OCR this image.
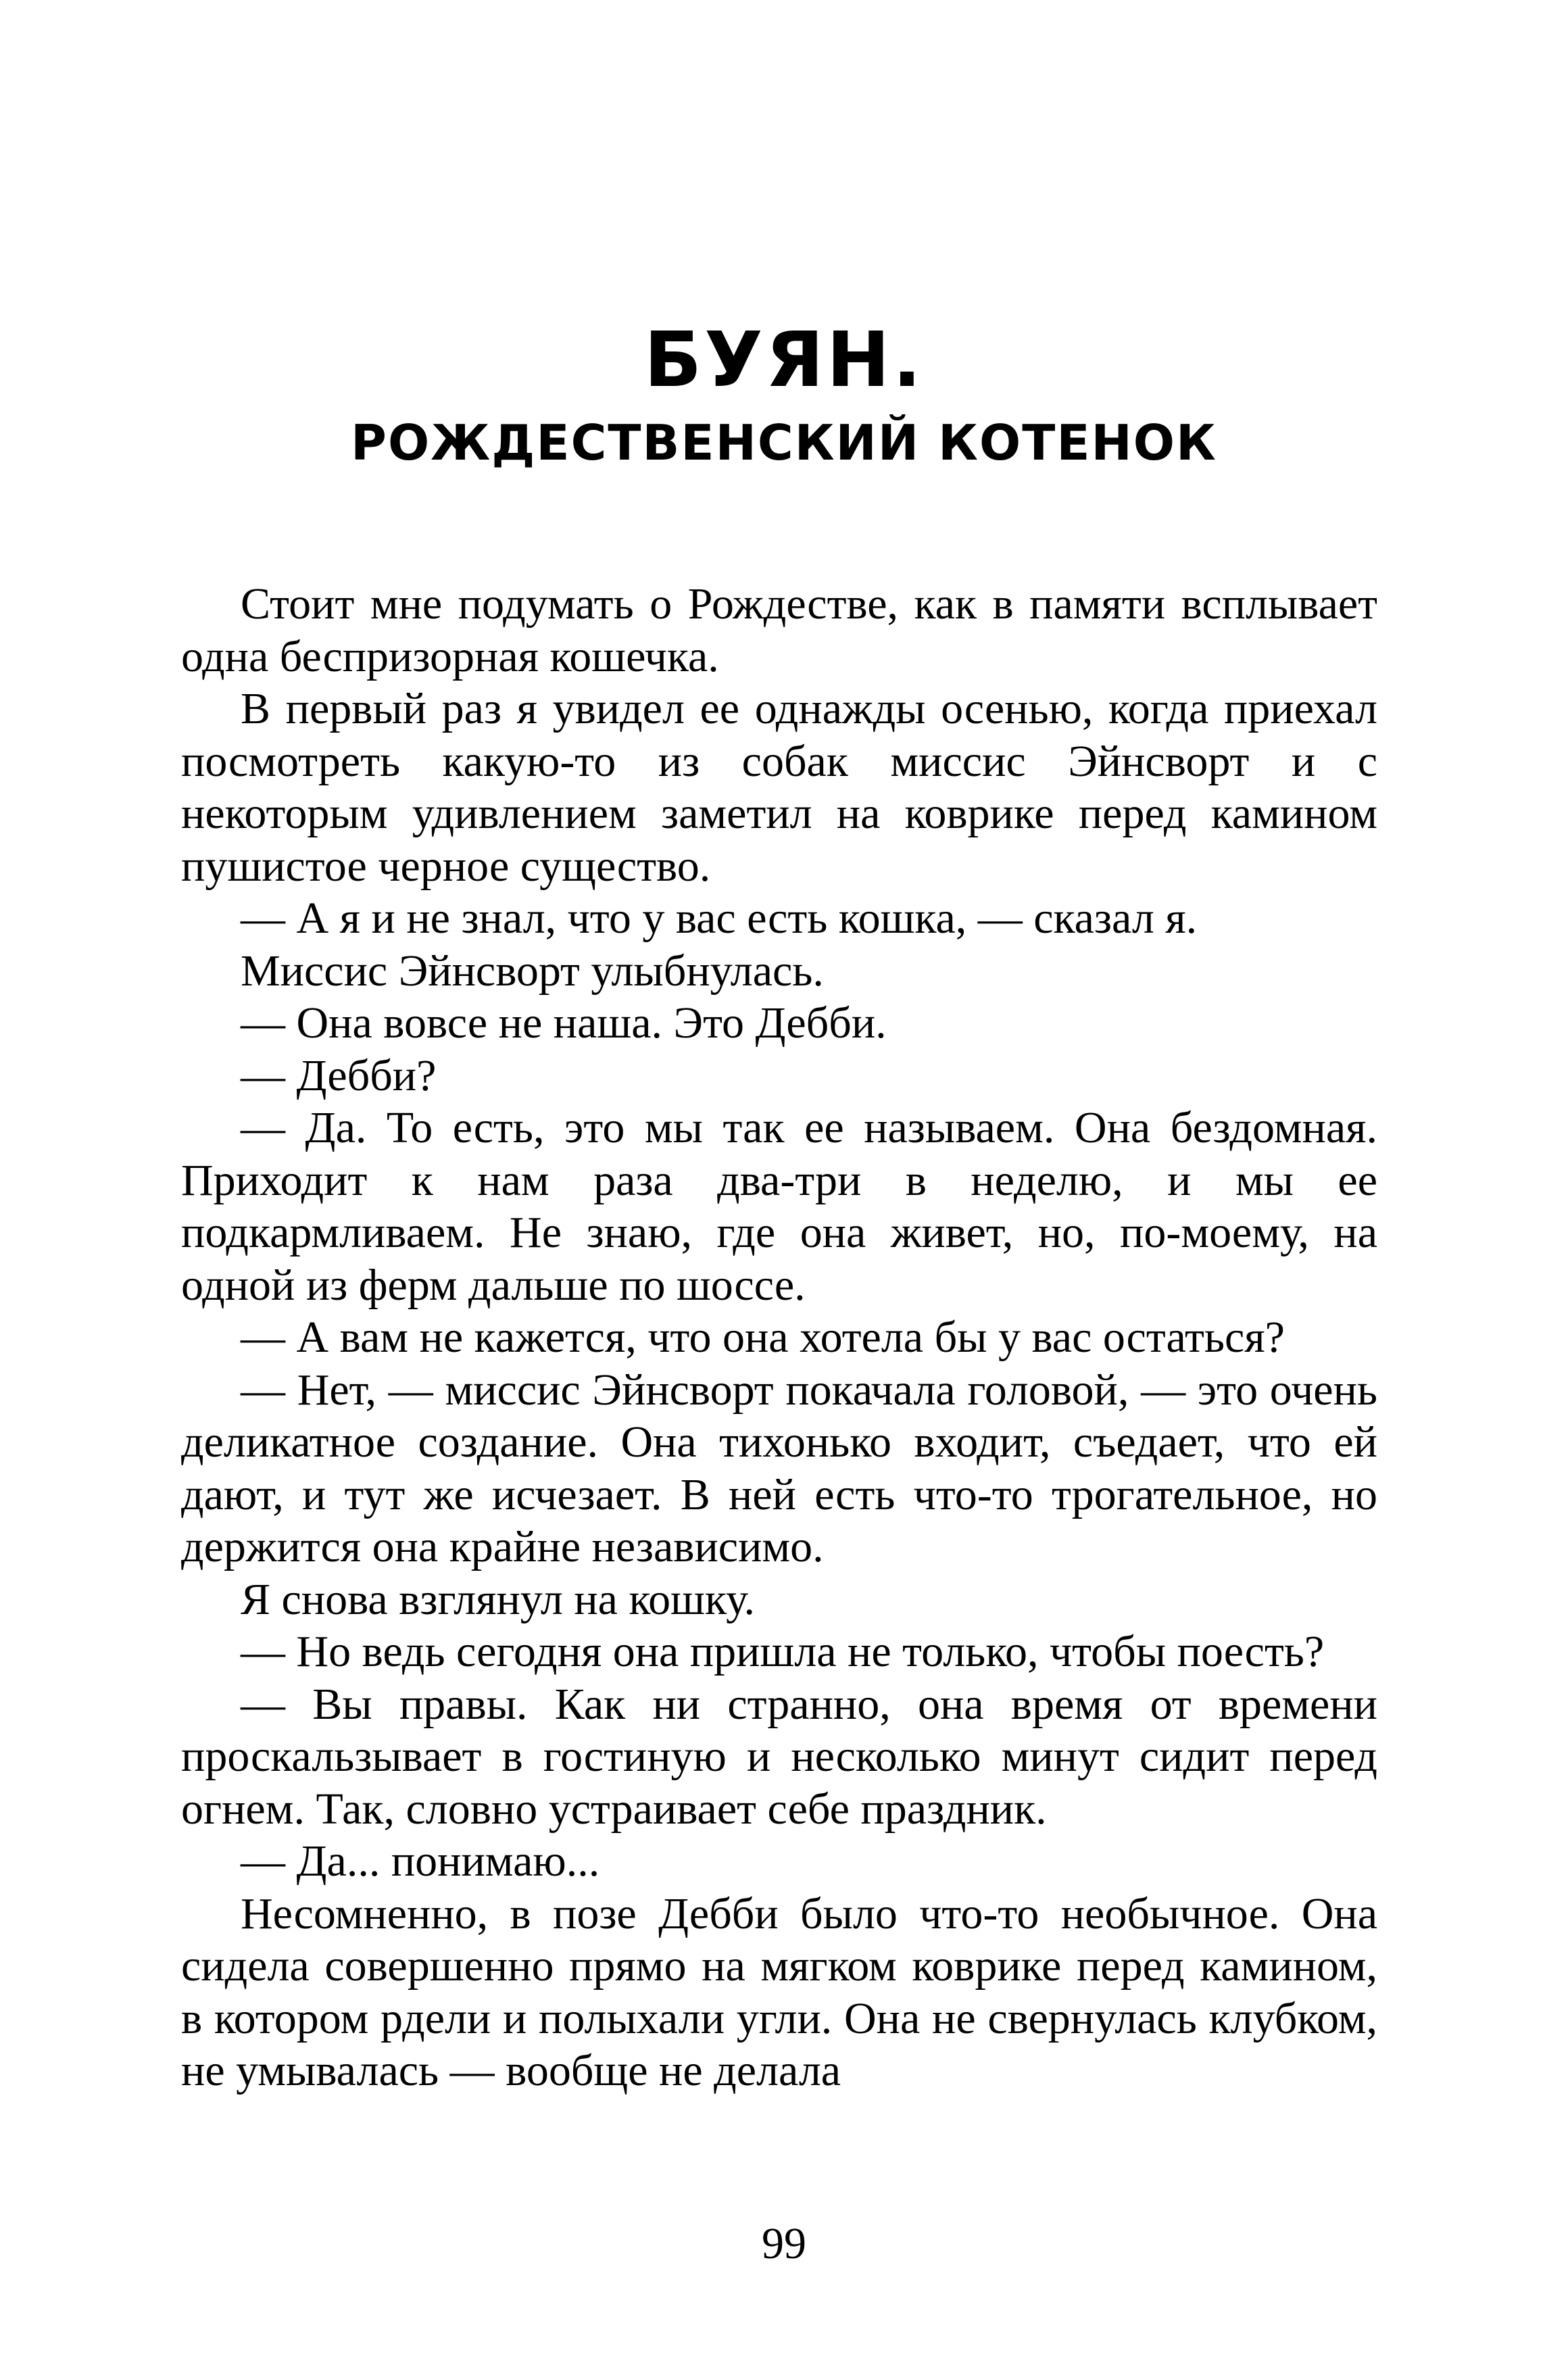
БУЯН.
РОЖДЕСТВЕНСКИЙ КОТЕНОК

Стоит мне подумать о Рождестве, как в памяти всплывает одна беспризорная кошечка.

В первый раз я увидел ее однажды осенью, когда приехал посмотреть какую-то из собак миссис Эйнсворт и с некоторым удивлением заметил на коврике перед камином пушистое черное существо.

— А я и не знал, что у вас есть кошка, — сказал я.

Миссис Эйнсворт улыбнулась.

— Она вовсе не наша. Это Дебби.

— Дебби?

— Да. То есть, это мы так ее называем. Она бездомная. Приходит к нам раза два-три в неделю, и мы ее подкармливаем. Не знаю, где она живет, но, по-моему, на одной из ферм дальше по шоссе.

— А вам не кажется, что она хотела бы у вас остаться?

— Нет, — миссис Эйнсворт покачала головой, — это очень деликатное создание. Она тихонько входит, съедает, что ей дают, и тут же исчезает. В ней есть что-то трогательное, но держится она крайне независимо.

Я снова взглянул на кошку.

— Но ведь сегодня она пришла не только, чтобы поесть?

— Вы правы. Как ни странно, она время от времени проскальзывает в гостиную и несколько минут сидит перед огнем. Так, словно устраивает себе праздник.

— Да... понимаю...

Несомненно, в позе Дебби было что-то необычное. Она сидела совершенно прямо на мягком коврике перед камином, в котором рдели и полыхали угли. Она не свернулась клубком, не умывалась — вообще не делала

99
